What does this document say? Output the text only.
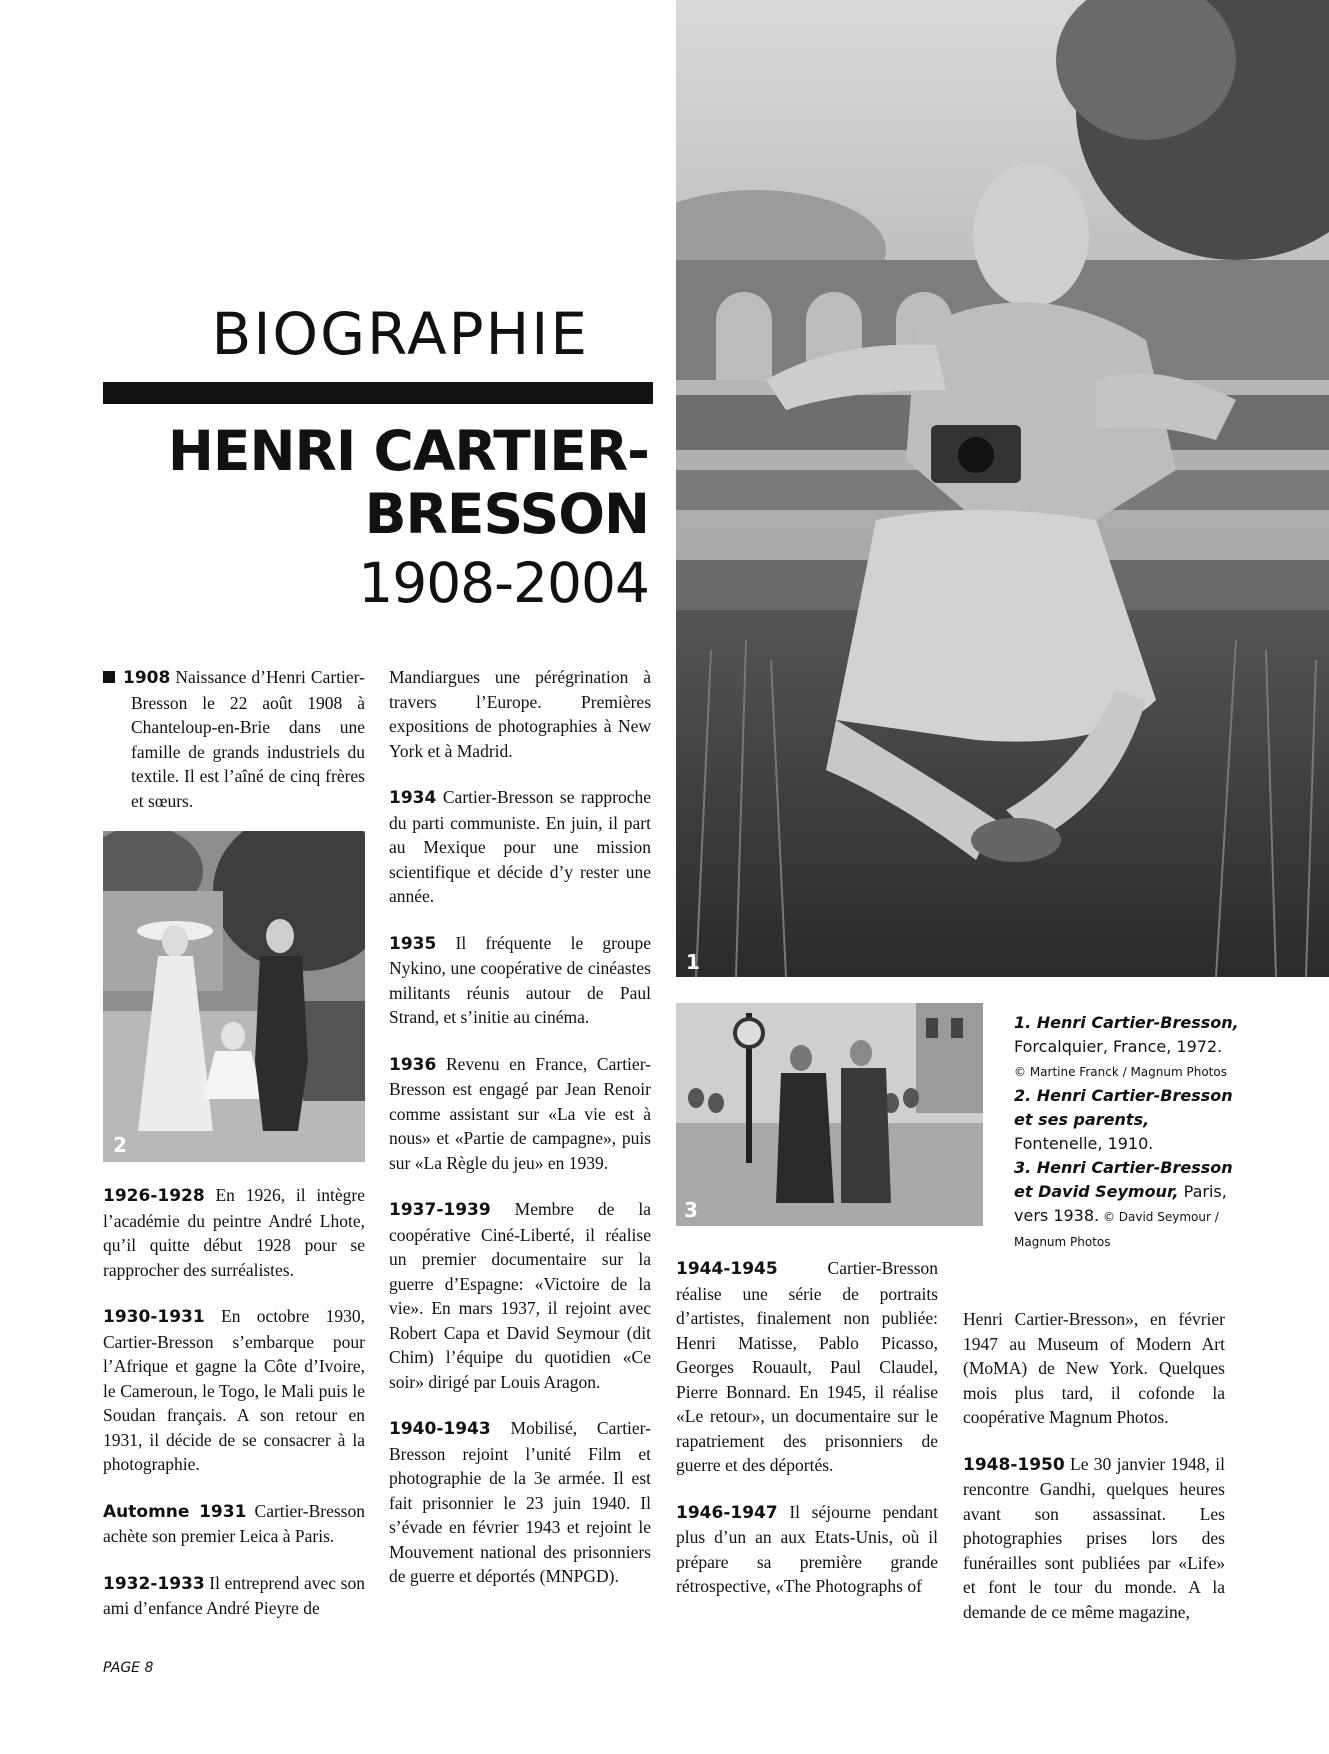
1
BIOGRAPHIE
HENRI CARTIER-
BRESSON
1908-2004

1908 Naissance d’Henri Cartier-Bresson le 22 août 1908 à Chanteloup-en-Brie dans une famille de grands industriels du textile. Il est l’aîné de cinq frères et sœurs.

2

1926-1928 En 1926, il intègre l’académie du peintre André Lhote, qu’il quitte début 1928 pour se rapprocher des surréalistes.

1930-1931 En octobre 1930, Cartier-Bresson s’embarque pour l’Afrique et gagne la Côte d’Ivoire, le Cameroun, le Togo, le Mali puis le Soudan français. A son retour en 1931, il décide de se consacrer à la photographie.

Automne 1931 Cartier-Bresson achète son premier Leica à Paris.

1932-1933 Il entreprend avec son ami d’enfance André Pieyre de

Mandiargues une pérégrination à travers l’Europe. Premières expositions de photographies à New York et à Madrid.

1934 Cartier-Bresson se rapproche du parti communiste. En juin, il part au Mexique pour une mission scientifique et décide d’y rester une année.

1935 Il fréquente le groupe Nykino, une coopérative de cinéastes militants réunis autour de Paul Strand, et s’initie au cinéma.

1936 Revenu en France, Cartier-Bresson est engagé par Jean Renoir comme assistant sur «La vie est à nous» et «Partie de campagne», puis sur «La Règle du jeu» en 1939.

1937-1939 Membre de la coopérative Ciné-Liberté, il réalise un premier documentaire sur la guerre d’Espagne: «Victoire de la vie». En mars 1937, il rejoint avec Robert Capa et David Seymour (dit Chim) l’équipe du quotidien «Ce soir» dirigé par Louis Aragon.

1940-1943 Mobilisé, Cartier-Bresson rejoint l’unité Film et photographie de la 3e armée. Il est fait prisonnier le 23 juin 1940. Il s’évade en février 1943 et rejoint le Mouvement national des prisonniers de guerre et déportés (MNPGD).

3

1. Henri Cartier-Bresson,
Forcalquier, France, 1972.
© Martine Franck / Magnum Photos

2. Henri Cartier-Bresson et ses parents, Fontenelle, 1910.

3. Henri Cartier-Bresson et David Seymour, Paris, vers 1938. © David Seymour / Magnum Photos

1944-1945 Cartier-Bresson réalise une série de portraits d’artistes, finalement non publiée: Henri Matisse, Pablo Picasso, Georges Rouault, Paul Claudel, Pierre Bonnard. En 1945, il réalise «Le retour», un documentaire sur le rapatriement des prisonniers de guerre et des déportés.

1946-1947 Il séjourne pendant plus d’un an aux Etats-Unis, où il prépare sa première grande rétrospective, «The Photographs of

Henri Cartier-Bresson», en février 1947 au Museum of Modern Art (MoMA) de New York. Quelques mois plus tard, il cofonde la coopérative Magnum Photos.

1948-1950 Le 30 janvier 1948, il rencontre Gandhi, quelques heures avant son assassinat. Les photographies prises lors des funérailles sont publiées par «Life» et font le tour du monde. A la demande de ce même magazine,

PAGE 8
